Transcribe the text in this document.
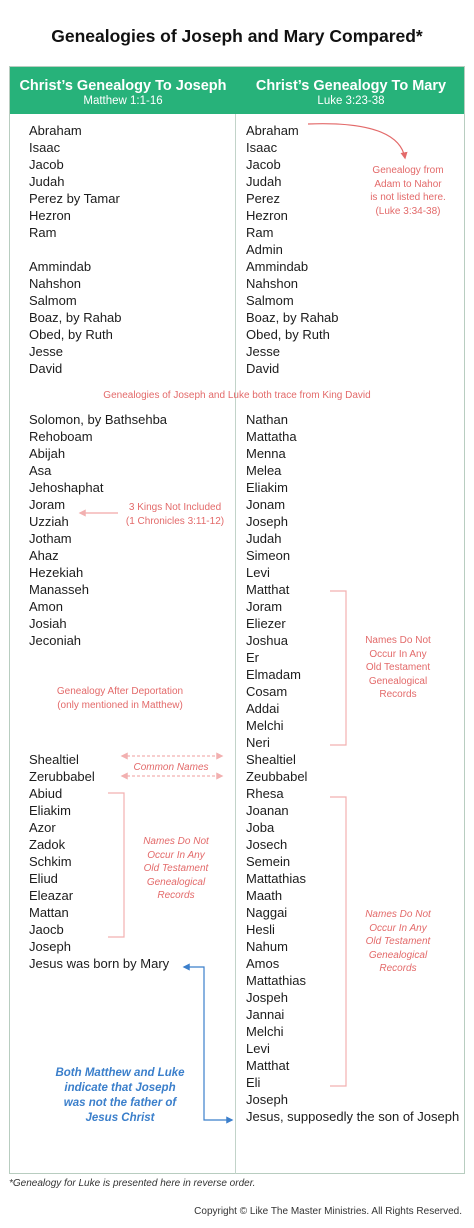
Genealogies of Joseph and Mary Compared*
Christ’s Genealogy To Joseph
Matthew 1:1-16
Christ’s Genealogy To Mary
Luke 3:23-38
Abraham
Isaac
Jacob
Judah
Perez by Tamar
Hezron
Ram
Ammindab
Nahshon
Salmom
Boaz, by Rahab
Obed, by Ruth
Jesse
David
Solomon, by Bathsehba
Rehoboam
Abijah
Asa
Jehoshaphat
Joram
Uzziah
Jotham
Ahaz
Hezekiah
Manasseh
Amon
Josiah
Jeconiah
Shealtiel
Zerubbabel
Abiud
Eliakim
Azor
Zadok
Schkim
Eliud
Eleazar
Mattan
Jaocb
Joseph
Jesus was born by Mary
Abraham
Isaac
Jacob
Judah
Perez
Hezron
Ram
Admin
Ammindab
Nahshon
Salmom
Boaz, by Rahab
Obed, by Ruth
Jesse
David
Nathan
Mattatha
Menna
Melea
Eliakim
Jonam
Joseph
Judah
Simeon
Levi
Matthat
Joram
Eliezer
Joshua
Er
Elmadam
Cosam
Addai
Melchi
Neri
Shealtiel
Zeubbabel
Rhesa
Joanan
Joba
Josech
Semein
Mattathias
Maath
Naggai
Hesli
Nahum
Amos
Mattathias
Jospeh
Jannai
Melchi
Levi
Matthat
Eli
Joseph
Jesus, supposedly the son of Joseph
Genealogy from
Adam to Nahor
is not listed here.
(Luke 3:34-38)
Genealogies of Joseph and Luke both trace from King David
3 Kings Not Included
(1 Chronicles 3:11-12)
Genealogy After Deportation
(only mentioned in Matthew)
Common Names
Names Do Not
Occur In Any
Old Testament
Genealogical
Records
Names Do Not
Occur In Any
Old Testament
Genealogical
Records
Names Do Not
Occur In Any
Old Testament
Genealogical
Records
Both Matthew and Luke
indicate that Joseph
was not the father of
Jesus Christ
*Genealogy for Luke is presented here in reverse order.
Copyright © Like The Master Ministries. All Rights Reserved.
